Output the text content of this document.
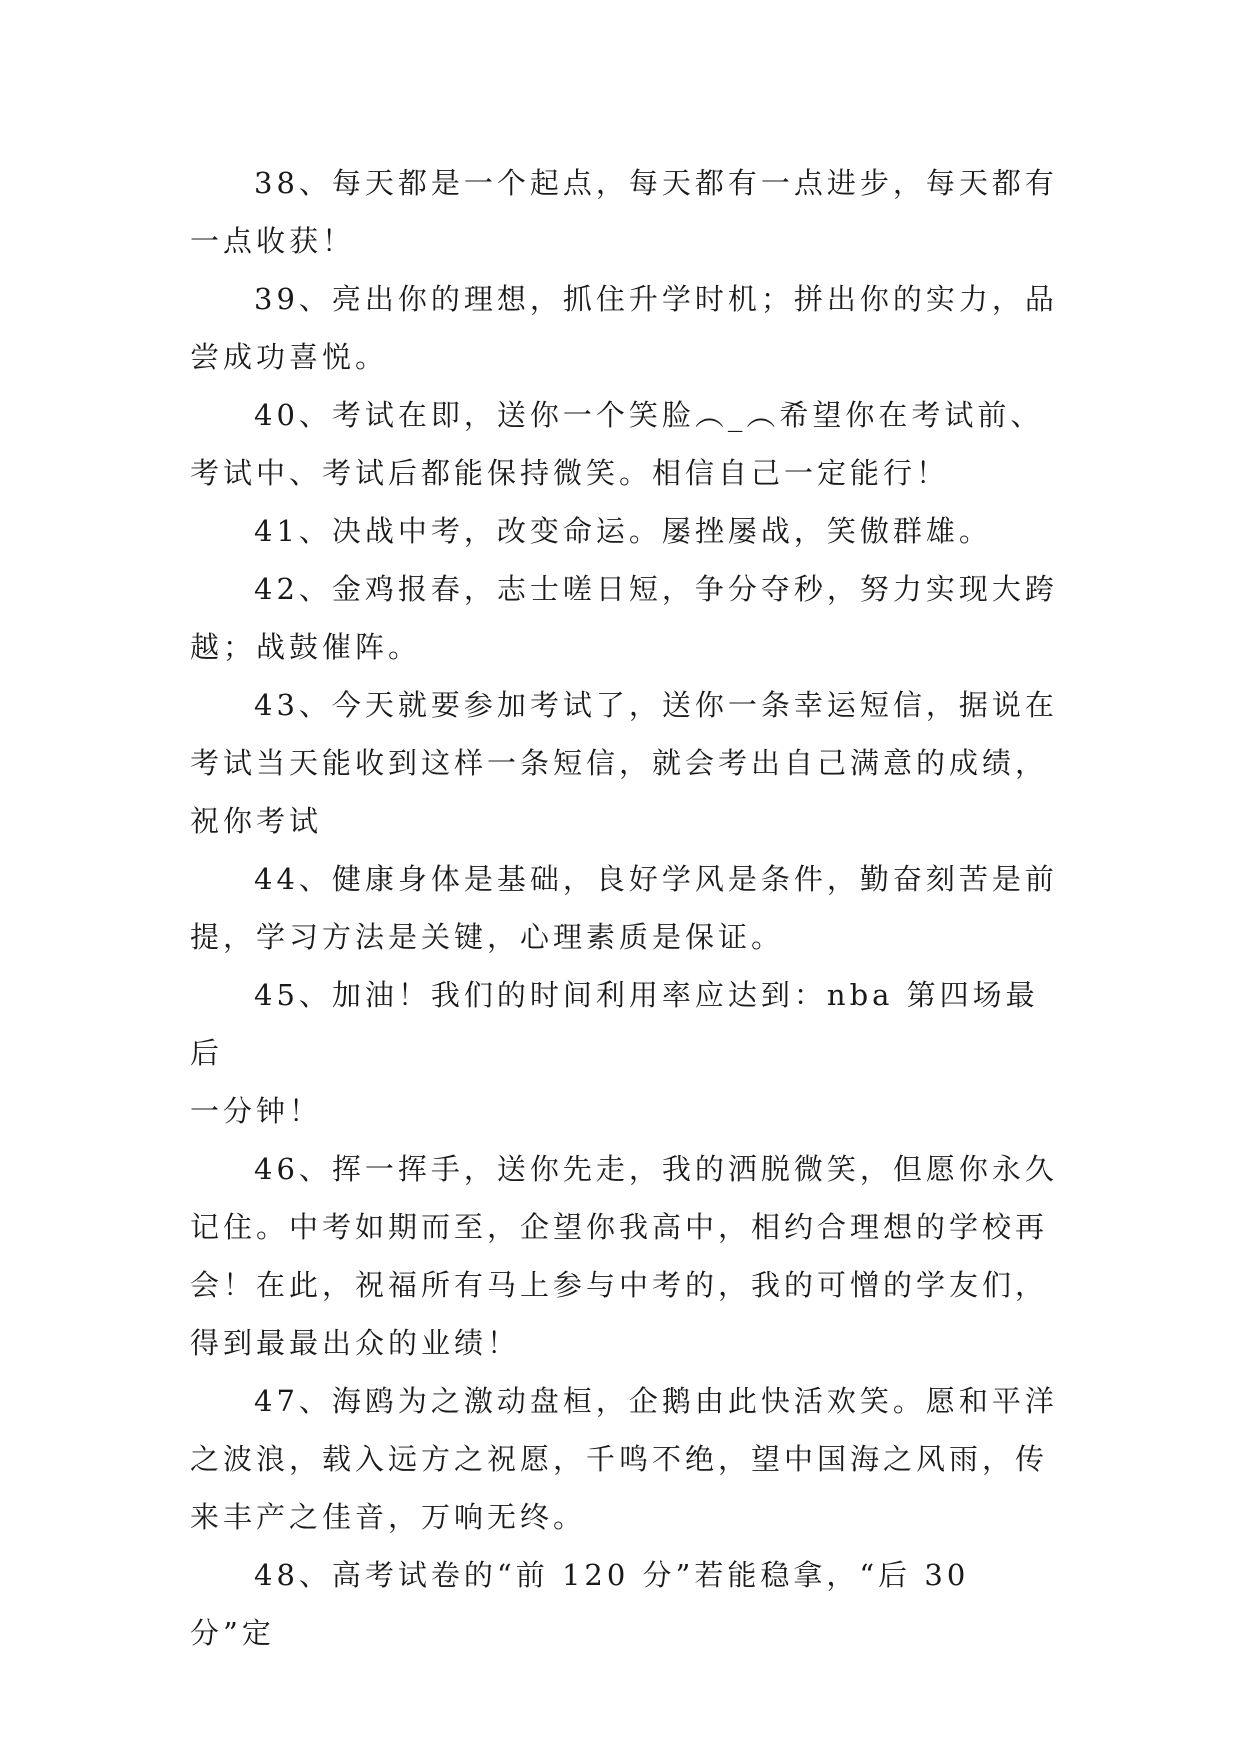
38、每天都是一个起点，每天都有一点进步，每天都有
一点收获！

39、亮出你的理想，抓住升学时机；拼出你的实力，品
尝成功喜悦。

40、考试在即，送你一个笑脸︵_︵希望你在考试前、
考试中、考试后都能保持微笑。相信自己一定能行！

41、决战中考，改变命运。屡挫屡战，笑傲群雄。

42、金鸡报春，志士嗟日短，争分夺秒，努力实现大跨
越；战鼓催阵。

43、今天就要参加考试了，送你一条幸运短信，据说在
考试当天能收到这样一条短信，就会考出自己满意的成绩，
祝你考试

44、健康身体是基础，良好学风是条件，勤奋刻苦是前
提，学习方法是关键，心理素质是保证。

45、加油！我们的时间利用率应达到：nba 第四场最后
一分钟！

46、挥一挥手，送你先走，我的洒脱微笑，但愿你永久
记住。中考如期而至，企望你我高中，相约合理想的学校再
会！在此，祝福所有马上参与中考的，我的可憎的学友们，
得到最最出众的业绩！

47、海鸥为之激动盘桓，企鹅由此快活欢笑。愿和平洋
之波浪，载入远方之祝愿，千鸣不绝，望中国海之风雨，传
来丰产之佳音，万响无终。

48、高考试卷的“前 120 分”若能稳拿，“后 30 分”定
